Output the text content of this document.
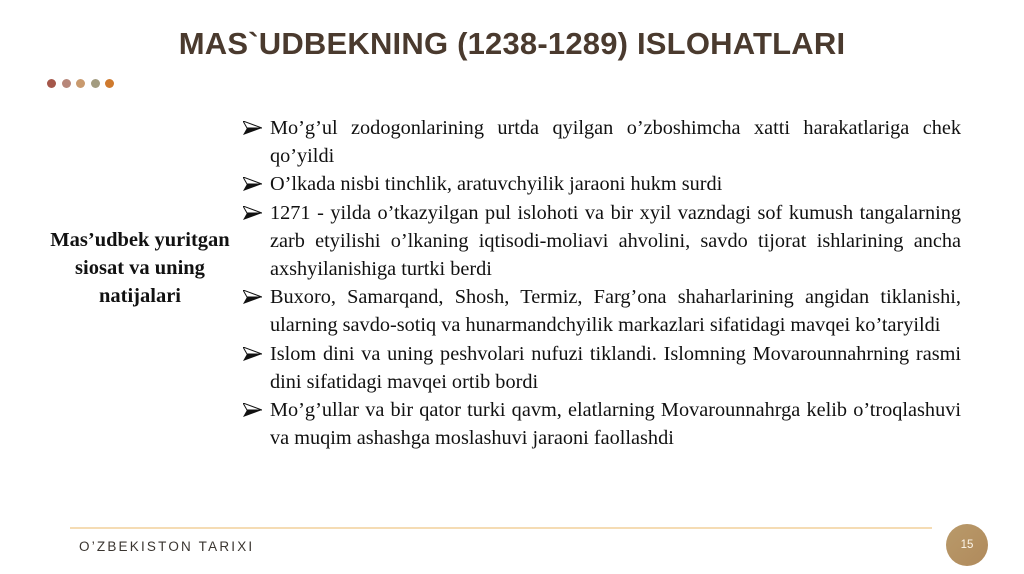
MAS`UDBEKNING (1238-1289) ISLOHATLARI
Mas’udbek yuritgan siosat va uning natijalari
Mo’g’ul zodogonlarining urtda qyilgan o’zboshimcha xatti harakatlariga chek qo’yildi
O’lkada nisbi tinchlik, aratuvchyilik jaraoni hukm surdi
1271 - yilda o’tkazyilgan pul islohoti va bir xyil vazndagi sof kumush tangalarning zarb etyilishi o’lkaning iqtisodi-moliavi ahvolini, savdo tijorat ishlarining ancha axshyilanishiga turtki berdi
Buxoro, Samarqand, Shosh, Termiz, Farg’ona shaharlarining angidan tiklanishi, ularning savdo-sotiq va hunarmandchyilik markazlari sifatidagi mavqei ko’taryildi
Islom dini va uning peshvolari nufuzi tiklandi. Islomning Movarounnahrning rasmi dini sifatidagi mavqei ortib bordi
Mo’g’ullar va bir qator turki qavm, elatlarning Movarounnahrga kelib o’troqlashuvi va muqim ashashga moslashuvi jaraoni faollashdi
O’ZBEKISTON TARIXI	15
